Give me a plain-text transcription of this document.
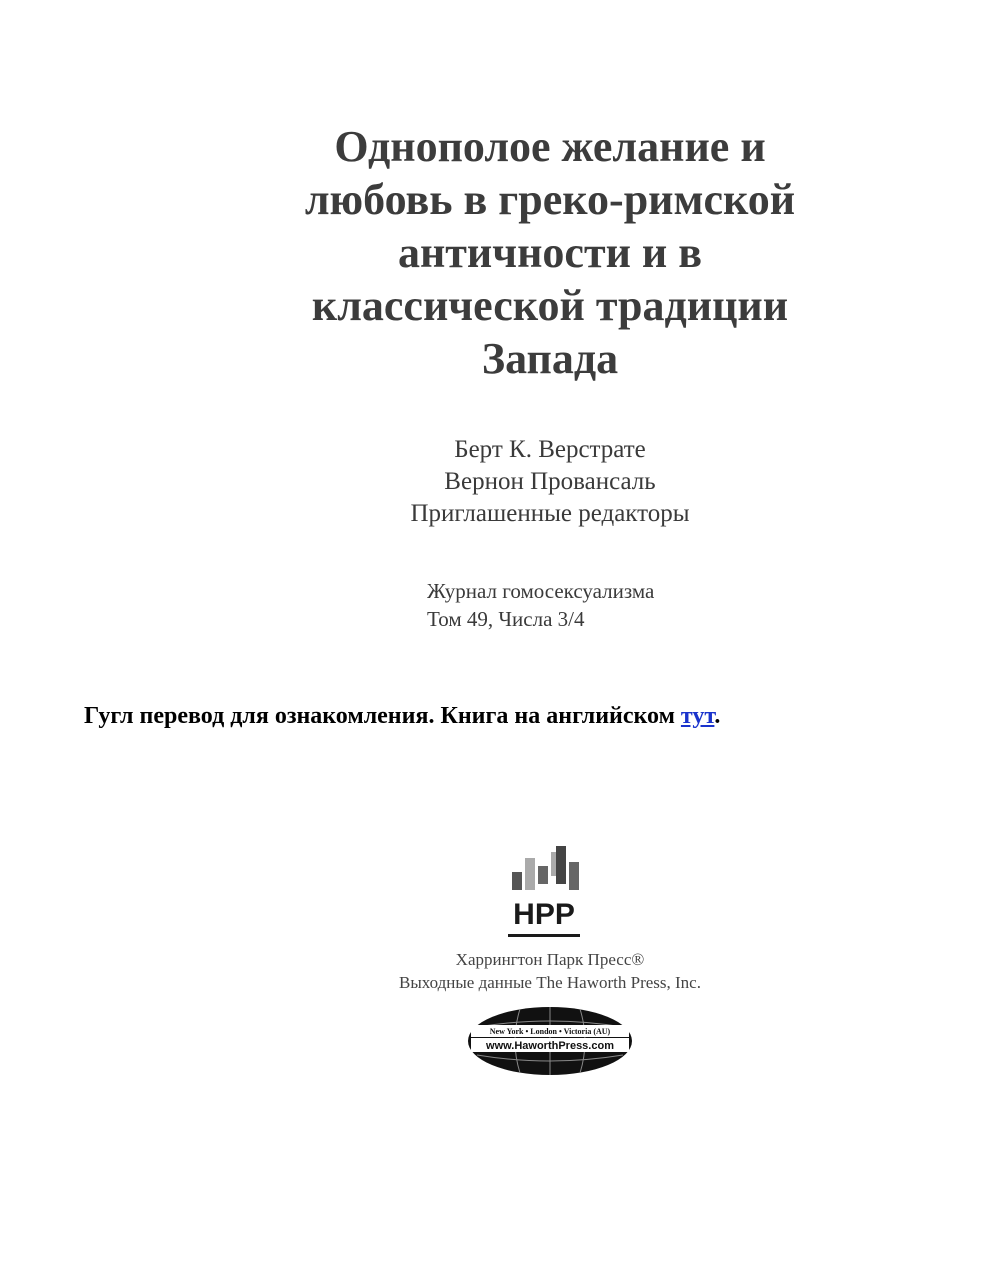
Однополое желание и
любовь в греко-римской
античности и в
классической традиции
Запада
Берт К. Верстрате
Вернон Провансаль
Приглашенные редакторы
Журнал гомосексуализма
Том 49, Числа 3/4
Гугл перевод для ознакомления. Книга на английском тут.
HPP
Харрингтон Парк Пресс®
Выходные данные The Haworth Press, Inc.
New York • London • Victoria (AU)
www.HaworthPress.com
